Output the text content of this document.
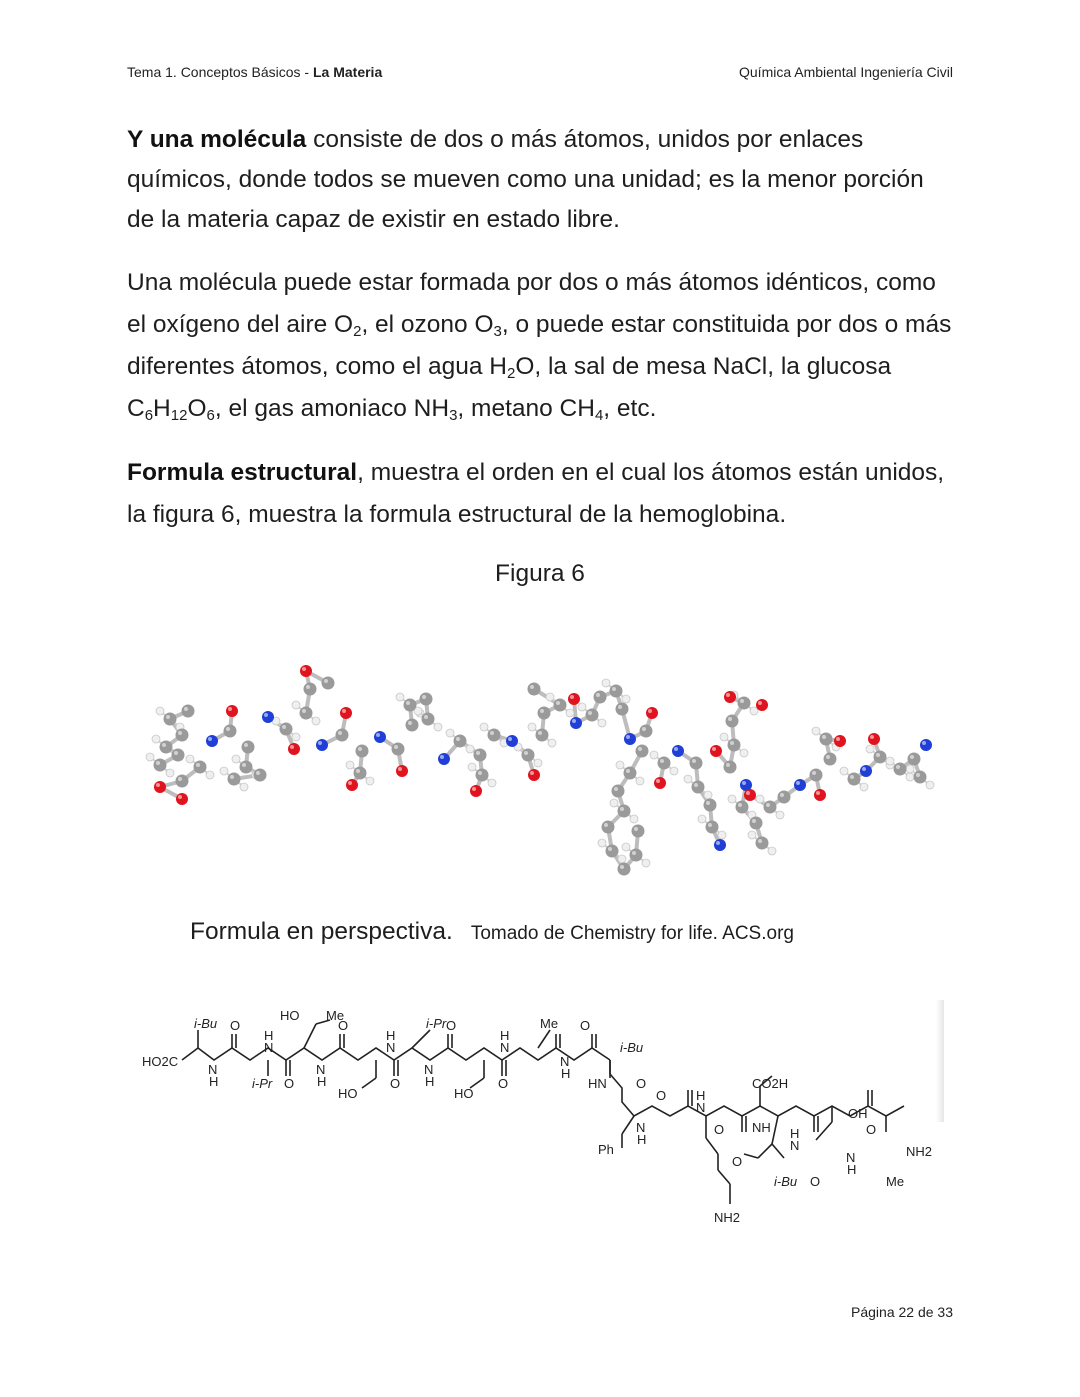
Tema 1. Conceptos Básicos - La Materia	Química Ambiental Ingeniería Civil

Y una molécula consiste de dos o más átomos, unidos por enlaces químicos, donde todos se mueven como una unidad; es la menor porción de la materia capaz de existir en estado libre.

Una molécula puede estar formada por dos o más átomos idénticos, como el oxígeno del aire $O_2$, el ozono $O_3$, o puede estar constituida por dos o más diferentes átomos, como el agua $H_2O$, la sal de mesa NaCl, la glucosa $C_6H_{12}O_6$, el gas amoniaco $NH_3$, metano $CH_4$, etc.

Formula estructural, muestra el orden en el cual los átomos están unidos, la figura 6, muestra la formula estructural de la hemoglobina.

Figura 6
Formula en perspectiva. Tomado de Chemistry for life. ACS.org
HO2C
i-Bu O
N
H	i-Pr O
H
N
HO Me
O
N
H
HO
O
H
N
i-Pr O
N
H
HO
O
H
N
Me O
N
H
i-Bu
HN O
Ph
N
H
O H
N
NH2
O
CO2H
NH
O
i-Bu
H
N
O
OH
N
H
O
NH2
Me
Página 22 de 33
